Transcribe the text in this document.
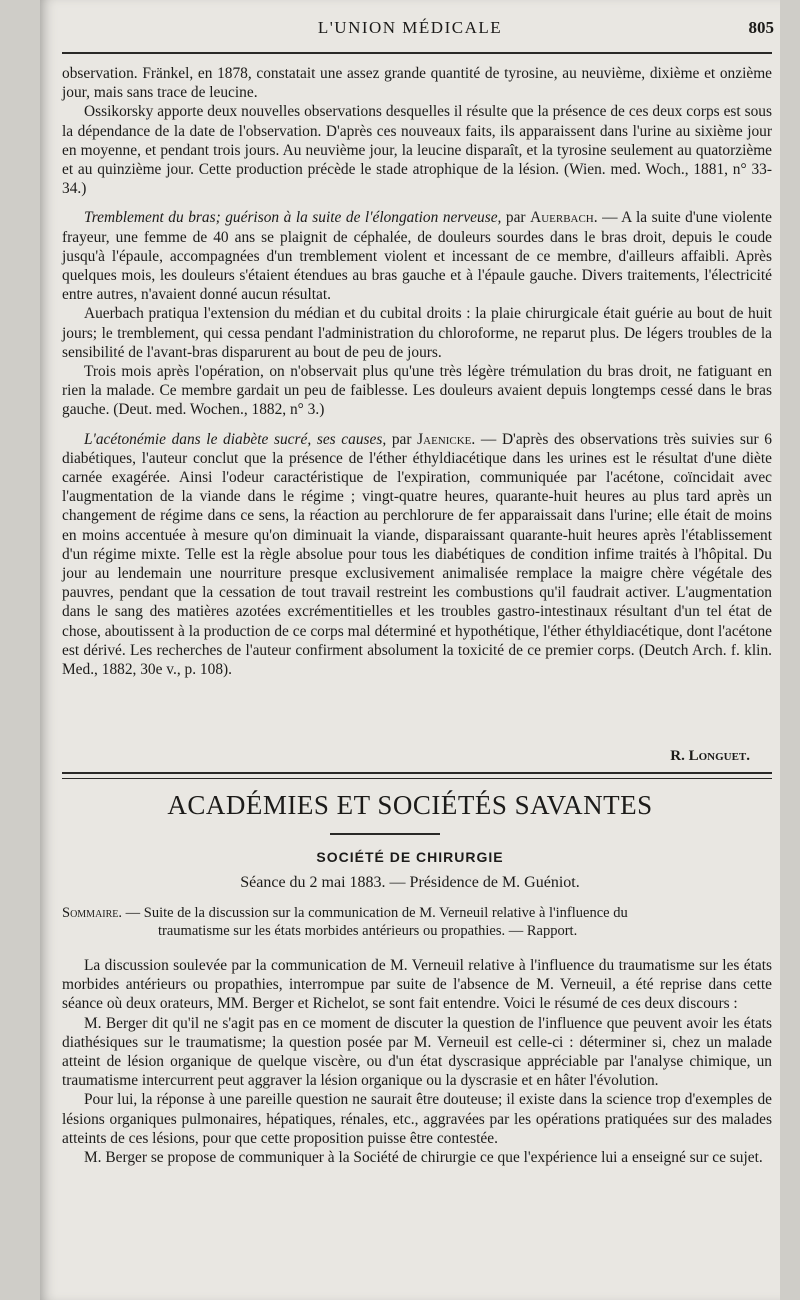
L'UNION MÉDICALE	805

observation. Fränkel, en 1878, constatait une assez grande quantité de tyrosine, au neuvième, dixième et onzième jour, mais sans trace de leucine.

Ossikorsky apporte deux nouvelles observations desquelles il résulte que la présence de ces deux corps est sous la dépendance de la date de l'observation. D'après ces nouveaux faits, ils apparaissent dans l'urine au sixième jour en moyenne, et pendant trois jours. Au neuvième jour, la leucine disparaît, et la tyrosine seulement au quatorzième et au quinzième jour. Cette production précède le stade atrophique de la lésion. (Wien. med. Woch., 1881, n° 33-34.)

Tremblement du bras; guérison à la suite de l'élongation nerveuse, par Auerbach. — A la suite d'une violente frayeur, une femme de 40 ans se plaignit de céphalée, de douleurs sourdes dans le bras droit, depuis le coude jusqu'à l'épaule, accompagnées d'un tremblement violent et incessant de ce membre, d'ailleurs affaibli. Après quelques mois, les douleurs s'étaient étendues au bras gauche et à l'épaule gauche. Divers traitements, l'électricité entre autres, n'avaient donné aucun résultat.

Auerbach pratiqua l'extension du médian et du cubital droits : la plaie chirurgicale était guérie au bout de huit jours; le tremblement, qui cessa pendant l'administration du chloroforme, ne reparut plus. De légers troubles de la sensibilité de l'avant-bras disparurent au bout de peu de jours.

Trois mois après l'opération, on n'observait plus qu'une très légère trémulation du bras droit, ne fatiguant en rien la malade. Ce membre gardait un peu de faiblesse. Les douleurs avaient depuis longtemps cessé dans le bras gauche. (Deut. med. Wochen., 1882, n° 3.)

L'acétonémie dans le diabète sucré, ses causes, par Jaenicke. — D'après des observations très suivies sur 6 diabétiques, l'auteur conclut que la présence de l'éther éthyldiacétique dans les urines est le résultat d'une diète carnée exagérée. Ainsi l'odeur caractéristique de l'expiration, communiquée par l'acétone, coïncidait avec l'augmentation de la viande dans le régime ; vingt-quatre heures, quarante-huit heures au plus tard après un changement de régime dans ce sens, la réaction au perchlorure de fer apparaissait dans l'urine; elle était de moins en moins accentuée à mesure qu'on diminuait la viande, disparaissant quarante-huit heures après l'établissement d'un régime mixte. Telle est la règle absolue pour tous les diabétiques de condition infime traités à l'hôpital. Du jour au lendemain une nourriture presque exclusivement animalisée remplace la maigre chère végétale des pauvres, pendant que la cessation de tout travail restreint les combustions qu'il faudrait activer. L'augmentation dans le sang des matières azotées excrémentitielles et les troubles gastro-intestinaux résultant d'un tel état de chose, aboutissent à la production de ce corps mal déterminé et hypothétique, l'éther éthyldiacétique, dont l'acétone est dérivé. Les recherches de l'auteur confirment absolument la toxicité de ce premier corps. (Deutch Arch. f. klin. Med., 1882, 30e v., p. 108).

R. Longuet.
ACADÉMIES ET SOCIÉTÉS SAVANTES
SOCIÉTÉ DE CHIRURGIE
Séance du 2 mai 1883. — Présidence de M. Guéniot.
Sommaire. — Suite de la discussion sur la communication de M. Verneuil relative à l'influence du
traumatisme sur les états morbides antérieurs ou propathies. — Rapport.

La discussion soulevée par la communication de M. Verneuil relative à l'influence du traumatisme sur les états morbides antérieurs ou propathies, interrompue par suite de l'absence de M. Verneuil, a été reprise dans cette séance où deux orateurs, MM. Berger et Richelot, se sont fait entendre. Voici le résumé de ces deux discours :

M. Berger dit qu'il ne s'agit pas en ce moment de discuter la question de l'influence que peuvent avoir les états diathésiques sur le traumatisme; la question posée par M. Verneuil est celle-ci : déterminer si, chez un malade atteint de lésion organique de quelque viscère, ou d'un état dyscrasique appréciable par l'analyse chimique, un traumatisme intercurrent peut aggraver la lésion organique ou la dyscrasie et en hâter l'évolution.

Pour lui, la réponse à une pareille question ne saurait être douteuse; il existe dans la science trop d'exemples de lésions organiques pulmonaires, hépatiques, rénales, etc., aggravées par les opérations pratiquées sur des malades atteints de ces lésions, pour que cette proposition puisse être contestée.

M. Berger se propose de communiquer à la Société de chirurgie ce que l'expérience lui a enseigné sur ce sujet.
